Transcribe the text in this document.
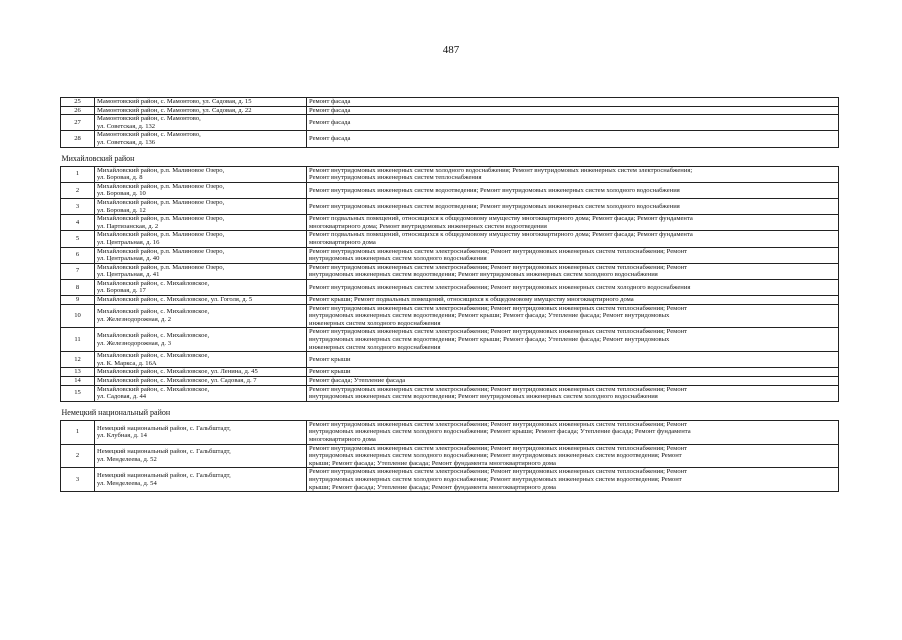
487
25	Мамонтовский район, с. Мамонтово, ул. Садовая, д. 15	Ремонт фасада
26	Мамонтовский район, с. Мамонтово, ул. Садовая, д. 22	Ремонт фасада
27	Мамонтовский район, с. Мамонтово,
ул. Советская, д. 132	Ремонт фасада
28	Мамонтовский район, с. Мамонтово,
ул. Советская, д. 136	Ремонт фасада
Михайловский район		
1	Михайловский район, р.п. Малиновое Озеро,
ул. Боровая, д. 8	Ремонт внутридомовых инженерных систем холодного водоснабжения; Ремонт внутридомовых инженерных систем электроснабжения;
Ремонт внутридомовых инженерных систем теплоснабжения
2	Михайловский район, р.п. Малиновое Озеро,
ул. Боровая, д. 10	Ремонт внутридомовых инженерных систем водоотведения; Ремонт внутридомовых инженерных систем холодного водоснабжения
3	Михайловский район, р.п. Малиновое Озеро,
ул. Боровая, д. 12	Ремонт внутридомовых инженерных систем водоотведения; Ремонт внутридомовых инженерных систем холодного водоснабжения
4	Михайловский район, р.п. Малиновое Озеро,
ул. Партизанская, д. 2	Ремонт подвальных помещений, относящихся к общедомовому имуществу многоквартирного дома; Ремонт фасада; Ремонт фундамента
многоквартирного дома; Ремонт внутридомовых инженерных систем водоотведения
5	Михайловский район, р.п. Малиновое Озеро,
ул. Центральная, д. 16	Ремонт подвальных помещений, относящихся к общедомовому имуществу многоквартирного дома; Ремонт фасада; Ремонт фундамента
многоквартирного дома
6	Михайловский район, р.п. Малиновое Озеро,
ул. Центральная, д. 40	Ремонт внутридомовых инженерных систем электроснабжения; Ремонт внутридомовых инженерных систем теплоснабжения; Ремонт
внутридомовых инженерных систем холодного водоснабжения
7	Михайловский район, р.п. Малиновое Озеро,
ул. Центральная, д. 41	Ремонт внутридомовых инженерных систем электроснабжения; Ремонт внутридомовых инженерных систем теплоснабжения; Ремонт
внутридомовых инженерных систем водоотведения; Ремонт внутридомовых инженерных систем холодного водоснабжения
8	Михайловский район, с. Михайловское,
ул. Боровая, д. 17	Ремонт внутридомовых инженерных систем электроснабжения; Ремонт внутридомовых инженерных систем холодного водоснабжения
9	Михайловский район, с. Михайловское, ул. Гоголя, д. 5	Ремонт крыши; Ремонт подвальных помещений, относящихся к общедомовому имуществу многоквартирного дома
10	Михайловский район, с. Михайловское,
ул. Железнодорожная, д. 2	Ремонт внутридомовых инженерных систем электроснабжения; Ремонт внутридомовых инженерных систем теплоснабжения; Ремонт
внутридомовых инженерных систем водоотведения; Ремонт крыши; Ремонт фасада; Утепление фасада; Ремонт внутридомовых
инженерных систем холодного водоснабжения
11	Михайловский район, с. Михайловское,
ул. Железнодорожная, д. 3	Ремонт внутридомовых инженерных систем электроснабжения; Ремонт внутридомовых инженерных систем теплоснабжения; Ремонт
внутридомовых инженерных систем водоотведения; Ремонт крыши; Ремонт фасада; Утепление фасада; Ремонт внутридомовых
инженерных систем холодного водоснабжения
12	Михайловский район, с. Михайловское,
ул. К. Маркса, д. 16А	Ремонт крыши
13	Михайловский район, с. Михайловское, ул. Ленина, д. 45	Ремонт крыши
14	Михайловский район, с. Михайловское, ул. Садовая, д. 7	Ремонт фасада; Утепление фасада
15	Михайловский район, с. Михайловское,
ул. Садовая, д. 44	Ремонт внутридомовых инженерных систем электроснабжения; Ремонт внутридомовых инженерных систем теплоснабжения; Ремонт
внутридомовых инженерных систем водоотведения; Ремонт внутридомовых инженерных систем холодного водоснабжения
Немецкий национальный район		
1	Немецкий национальный район, с. Гальбштадт,
ул. Клубная, д. 14	Ремонт внутридомовых инженерных систем электроснабжения; Ремонт внутридомовых инженерных систем теплоснабжения; Ремонт
внутридомовых инженерных систем холодного водоснабжения; Ремонт крыши; Ремонт фасада; Утепление фасада; Ремонт фундамента
многоквартирного дома
2	Немецкий национальный район, с. Гальбштадт,
ул. Менделеева, д. 52	Ремонт внутридомовых инженерных систем электроснабжения; Ремонт внутридомовых инженерных систем теплоснабжения; Ремонт
внутридомовых инженерных систем холодного водоснабжения; Ремонт внутридомовых инженерных систем водоотведения; Ремонт
крыши; Ремонт фасада; Утепление фасада; Ремонт фундамента многоквартирного дома
3	Немецкий национальный район, с. Гальбштадт,
ул. Менделеева, д. 54	Ремонт внутридомовых инженерных систем электроснабжения; Ремонт внутридомовых инженерных систем теплоснабжения; Ремонт
внутридомовых инженерных систем холодного водоснабжения; Ремонт внутридомовых инженерных систем водоотведения; Ремонт
крыши; Ремонт фасада; Утепление фасада; Ремонт фундамента многоквартирного дома
